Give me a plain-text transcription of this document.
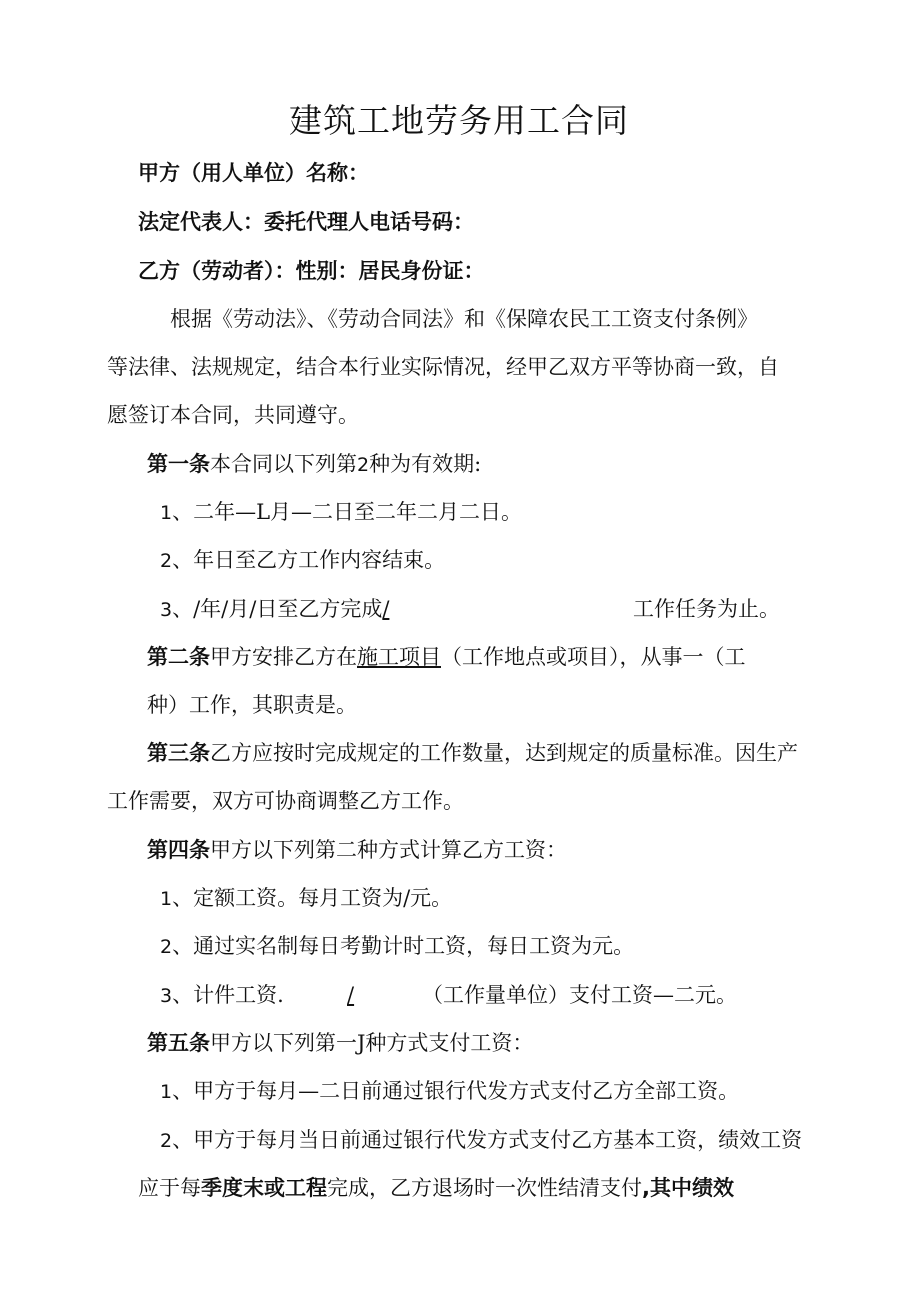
建筑工地劳务用工合同
甲方（用人单位）名称：
法定代表人：委托代理人电话号码：
乙方（劳动者）：性别：居民身份证：
根据《劳动法》、《劳动合同法》和《保障农民工工资支付条例》
等法律、法规规定，结合本行业实际情况，经甲乙双方平等协商一致，自
愿签订本合同，共同遵守。
第一条本合同以下列第2种为有效期:
1、二年—L月—二日至二年二月二日。
2、年日至乙方工作内容结束。
3、/年/月/日至乙方完成/	工作任务为止。
第二条甲方安排乙方在施工项目（工作地点或项目），从事一（工
种）工作，其职责是。
第三条乙方应按时完成规定的工作数量，达到规定的质量标准。因生产
工作需要，双方可协商调整乙方工作。
第四条甲方以下列第二种方式计算乙方工资：
1、定额工资。每月工资为/元。
2、通过实名制每日考勤计时工资，每日工资为元。
3、计件工资.	/	（工作量单位）支付工资—二元。
第五条甲方以下列第一J种方式支付工资：
1、甲方于每月—二日前通过银行代发方式支付乙方全部工资。
2、甲方于每月当日前通过银行代发方式支付乙方基本工资，绩效工资
应于每季度末或工程完成，乙方退场时一次性结清支付,其中绩效
